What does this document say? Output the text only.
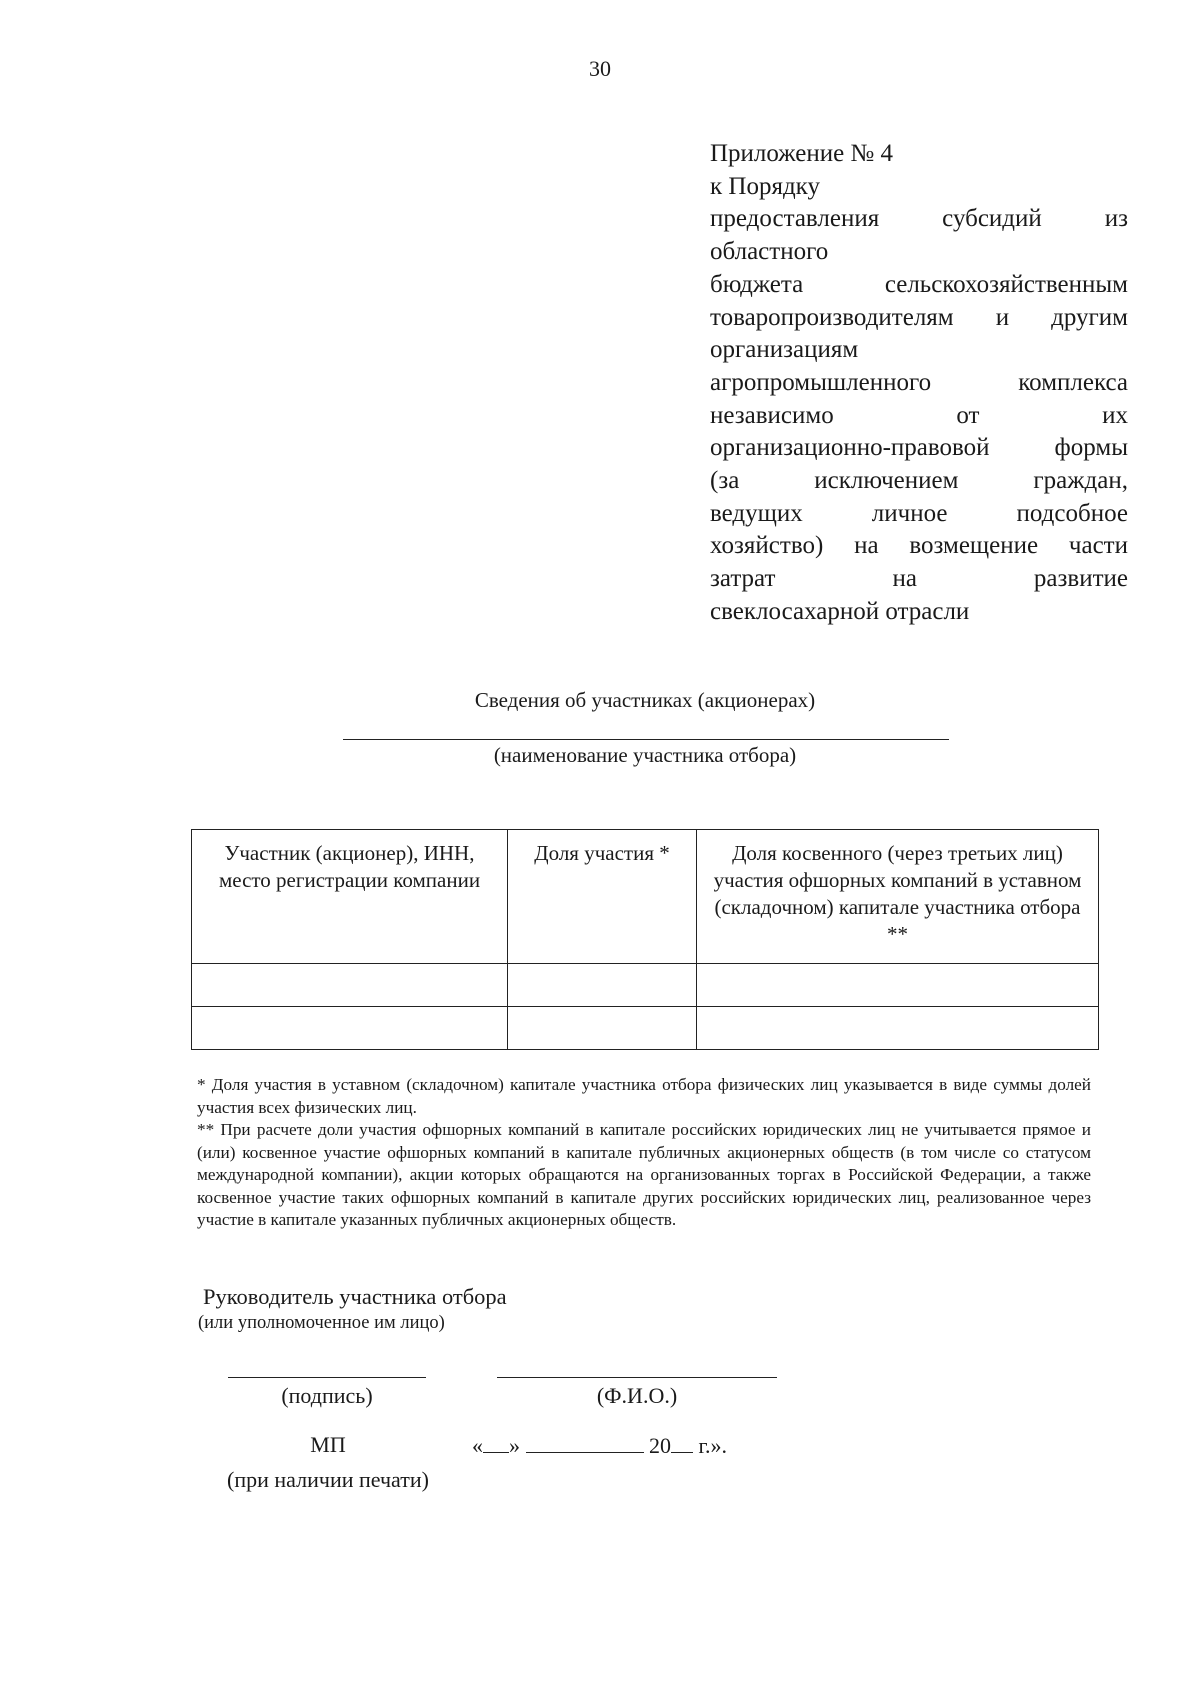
30
Приложение № 4
к Порядку
предоставления субсидий из
областного
бюджета сельскохозяйственным
товаропроизводителям и другим
организациям
агропромышленного комплекса
независимо от их
организационно-правовой формы
(за исключением граждан,
ведущих личное подсобное
хозяйство) на возмещение части
затрат на развитие
свеклосахарной отрасли
Сведения об участниках (акционерах)
(наименование участника отбора)
Участник (акционер), ИНН, место регистрации компании	Доля участия *	Доля косвенного (через третьих лиц) участия офшорных компаний в уставном (складочном) капитале участника отбора **

* Доля участия в уставном (складочном) капитале участника отбора физических лиц указывается в виде суммы долей участия всех физических лиц.

** При расчете доли участия офшорных компаний в капитале российских юридических лиц не учитывается прямое и (или) косвенное участие офшорных компаний в капитале публичных акционерных обществ (в том числе со статусом международной компании), акции которых обращаются на организованных торгах в Российской Федерации, а также косвенное участие таких офшорных компаний в капитале других российских юридических лиц, реализованное через участие в капитале указанных публичных акционерных обществ.

Руководитель участника отбора
(или уполномоченное им лицо)
(подпись)	(Ф.И.О.)
МП
(при наличии печати)
« »	20 г.».
